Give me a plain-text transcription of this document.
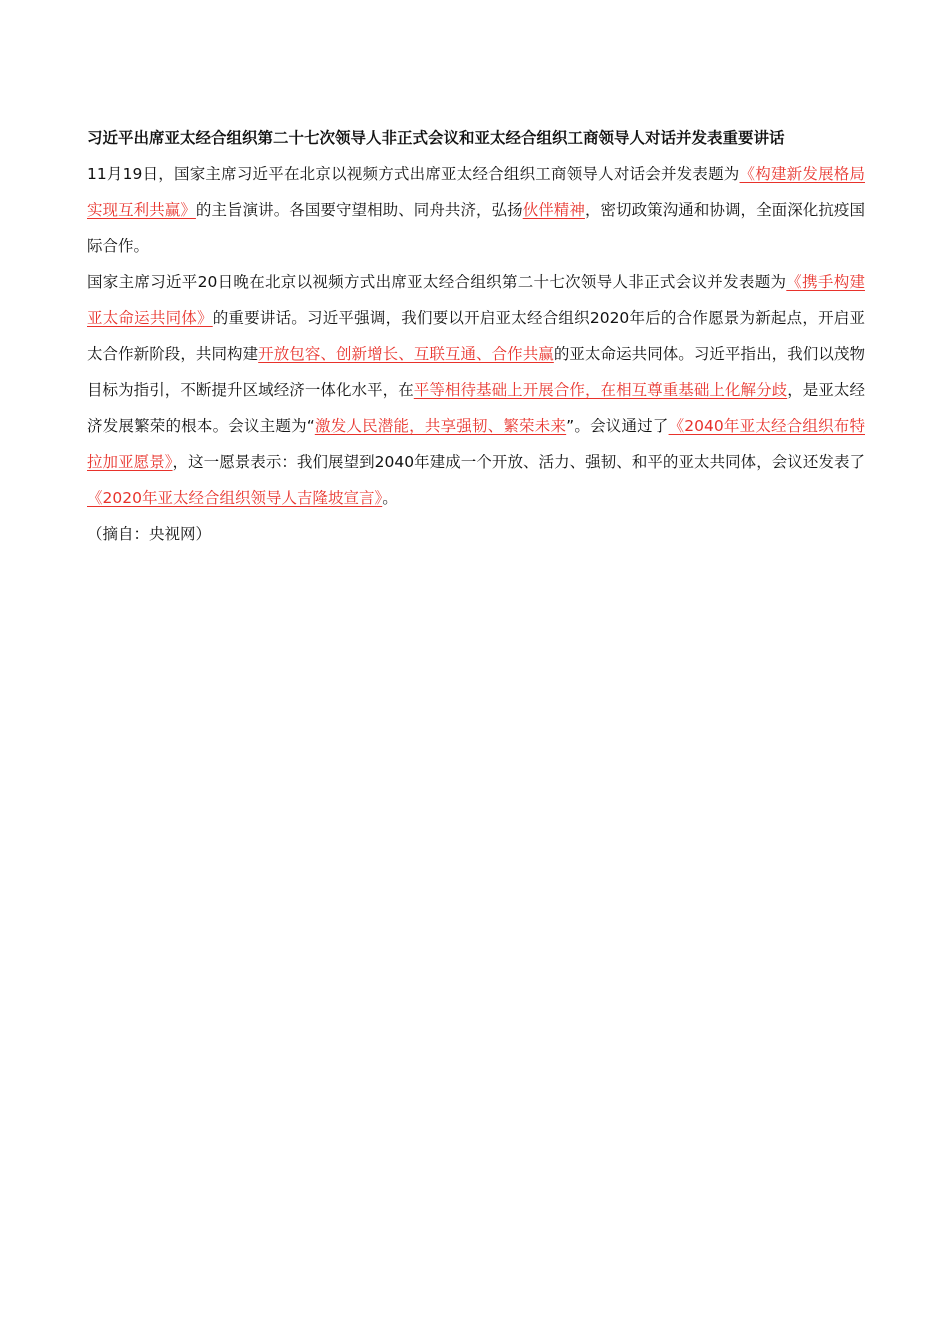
习近平出席亚太经合组织第二十七次领导人非正式会议和亚太经合组织工商领导人对话并发表重要讲话

11月19日，国家主席习近平在北京以视频方式出席亚太经合组织工商领导人对话会并发表题为《构建新发展格局 实现互利共赢》的主旨演讲。各国要守望相助、同舟共济，弘扬伙伴精神，密切政策沟通和协调，全面深化抗疫国际合作。

国家主席习近平20日晚在北京以视频方式出席亚太经合组织第二十七次领导人非正式会议并发表题为《携手构建亚太命运共同体》的重要讲话。习近平强调，我们要以开启亚太经合组织2020年后的合作愿景为新起点，开启亚太合作新阶段，共同构建开放包容、创新增长、互联互通、合作共赢的亚太命运共同体。习近平指出，我们以茂物目标为指引，不断提升区域经济一体化水平，在平等相待基础上开展合作，在相互尊重基础上化解分歧，是亚太经济发展繁荣的根本。会议主题为“激发人民潜能，共享强韧、繁荣未来”。会议通过了《2040年亚太经合组织布特拉加亚愿景》，这一愿景表示：我们展望到2040年建成一个开放、活力、强韧、和平的亚太共同体，会议还发表了《2020年亚太经合组织领导人吉隆坡宣言》。

（摘自：央视网）
